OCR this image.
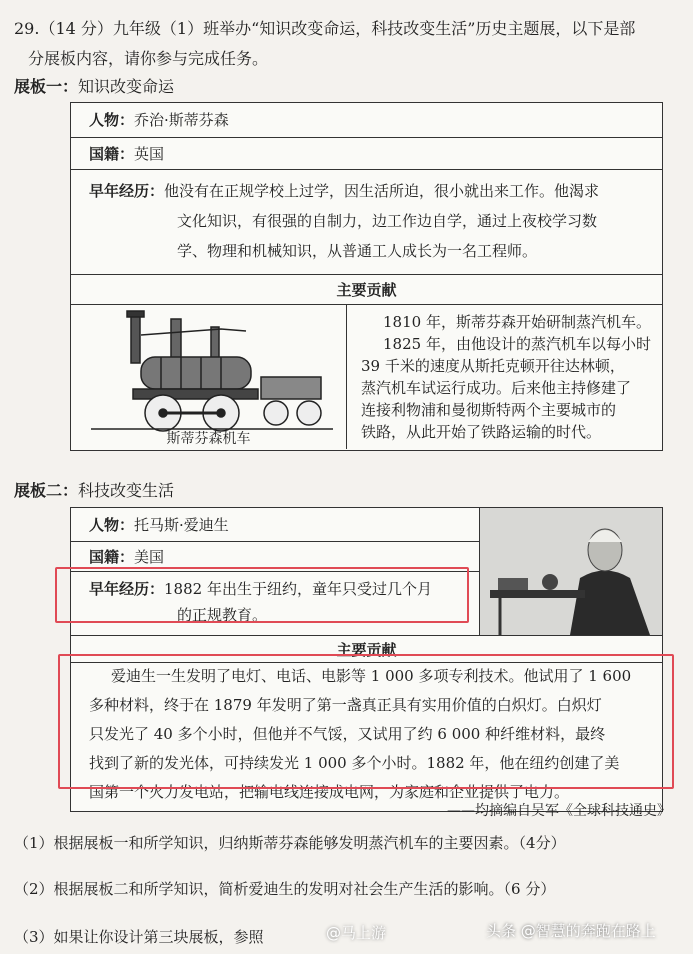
29.（14 分）九年级（1）班举办“知识改变命运，科技改变生活”历史主题展，以下是部
分展板内容，请你参与完成任务。
展板一：知识改变命运
人物：乔治·斯蒂芬森
国籍：英国
早年经历：他没有在正规学校上过学，因生活所迫，很小就出来工作。他渴求
文化知识，有很强的自制力，边工作边自学，通过上夜校学习数
学、物理和机械知识，从普通工人成长为一名工程师。
主要贡献
斯蒂芬森机车
1810 年，斯蒂芬森开始研制蒸汽机车。
1825 年，由他设计的蒸汽机车以每小时
39 千米的速度从斯托克顿开往达林顿，
蒸汽机车试运行成功。后来他主持修建了
连接利物浦和曼彻斯特两个主要城市的
铁路，从此开始了铁路运输的时代。
展板二：科技改变生活
人物：托马斯·爱迪生
国籍：美国
早年经历：1882 年出生于纽约，童年只受过几个月
的正规教育。
主要贡献
爱迪生一生发明了电灯、电话、电影等 1 000 多项专利技术。他试用了 1 600
多种材料，终于在 1879 年发明了第一盏真正具有实用价值的白炽灯。白炽灯
只发光了 40 多个小时，但他并不气馁，又试用了约 6 000 种纤维材料，最终
找到了新的发光体，可持续发光 1 000 多个小时。1882 年，他在纽约创建了美
国第一个火力发电站，把输电线连接成电网，为家庭和企业提供了电力。
——均摘编自吴军《全球科技通史》
（1）根据展板一和所学知识，归纳斯蒂芬森能够发明蒸汽机车的主要因素。（4分）
（2）根据展板二和所学知识，简析爱迪生的发明对社会生产生活的影响。（6 分）
（3）如果让你设计第三块展板，参照	@马上游	头条 @智慧的奔跑在路上
